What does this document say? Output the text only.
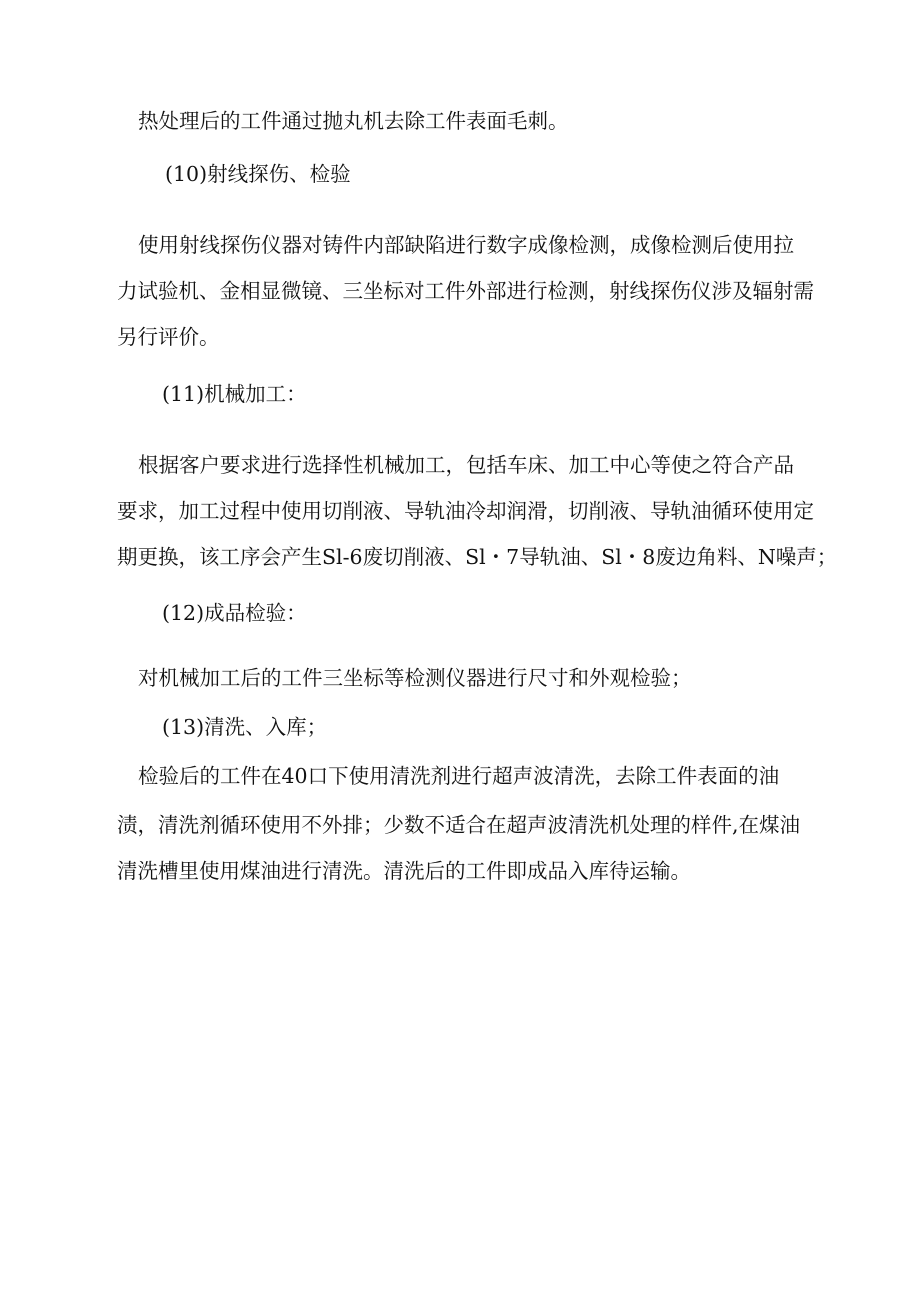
热处理后的工件通过抛丸机去除工件表面毛刺。
(10)射线探伤、检验
使用射线探伤仪器对铸件内部缺陷进行数字成像检测，成像检测后使用拉
力试验机、金相显微镜、三坐标对工件外部进行检测，射线探伤仪涉及辐射需
另行评价。
(11)机械加工：
根据客户要求进行选择性机械加工，包括车床、加工中心等使之符合产品
要求，加工过程中使用切削液、导轨油冷却润滑，切削液、导轨油循环使用定
期更换，该工序会产生Sl-6废切削液、Sl・7导轨油、Sl・8废边角料、N噪声；
(12)成品检验：
对机械加工后的工件三坐标等检测仪器进行尺寸和外观检验；
(13)清洗、入库；
检验后的工件在40口下使用清洗剂进行超声波清洗，去除工件表面的油
渍，清洗剂循环使用不外排；少数不适合在超声波清洗机处理的样件,在煤油
清洗槽里使用煤油进行清洗。清洗后的工件即成品入库待运输。
